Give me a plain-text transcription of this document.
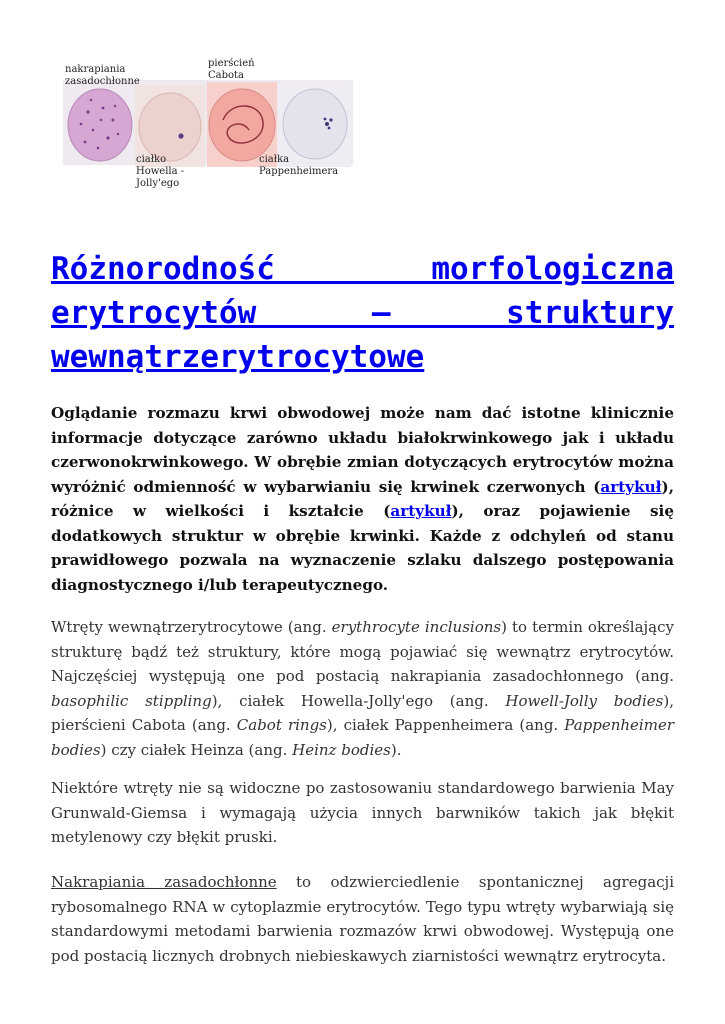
nakrapiania
zasadochłonne
pierścień
Cabota
ciałko
Howella -
Jolly'ego
ciałka
Pappenheimera
Różnorodność morfologiczna erytrocytów — struktury wewnątrzerytrocytowe

Oglądanie rozmazu krwi obwodowej może nam dać istotne klinicznie informacje dotyczące zarówno układu białokrwinkowego jak i układu czerwonokrwinkowego. W obrębie zmian dotyczących erytrocytów można wyróżnić odmienność w wybarwianiu się krwinek czerwonych (artykuł), różnice w wielkości i kształcie (artykuł), oraz pojawienie się dodatkowych struktur w obrębie krwinki. Każde z odchyleń od stanu prawidłowego pozwala na wyznaczenie szlaku dalszego postępowania diagnostycznego i/lub terapeutycznego.

Wtręty wewnątrzerytrocytowe (ang. erythrocyte inclusions) to termin określający strukturę bądź też struktury, które mogą pojawiać się wewnątrz erytrocytów. Najczęściej występują one pod postacią nakrapiania zasadochłonnego (ang. basophilic stippling), ciałek Howella-Jolly'ego (ang. Howell-Jolly bodies), pierścieni Cabota (ang. Cabot rings), ciałek Pappenheimera (ang. Pappenheimer bodies) czy ciałek Heinza (ang. Heinz bodies).

Niektóre wtręty nie są widoczne po zastosowaniu standardowego barwienia May Grunwald-Giemsa i wymagają użycia innych barwników takich jak błękit metylenowy czy błękit pruski.

Nakrapiania zasadochłonne to odzwierciedlenie spontanicznej agregacji rybosomalnego RNA w cytoplazmie erytrocytów. Tego typu wtręty wybarwiają się standardowymi metodami barwienia rozmazów krwi obwodowej. Występują one pod postacią licznych drobnych niebieskawych ziarnistości wewnątrz erytrocyta.
